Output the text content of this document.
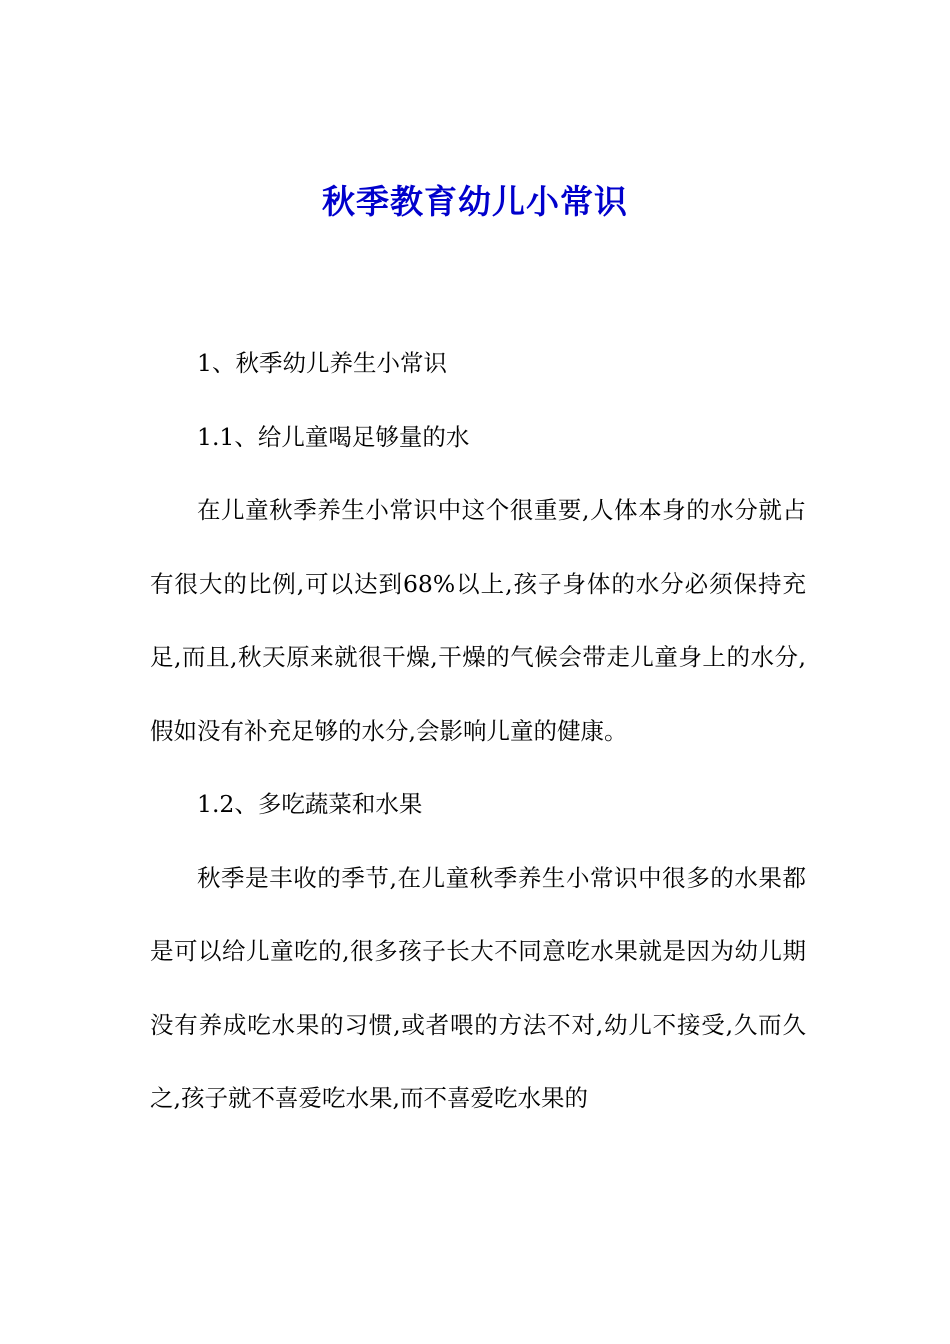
秋季教育幼儿小常识

1、秋季幼儿养生小常识

1.1、给儿童喝足够量的水

在儿童秋季养生小常识中这个很重要,人体本身的水分就占有很大的比例,可以达到68%以上,孩子身体的水分必须保持充足,而且,秋天原来就很干燥,干燥的气候会带走儿童身上的水分,假如没有补充足够的水分,会影响儿童的健康。

1.2、多吃蔬菜和水果

秋季是丰收的季节,在儿童秋季养生小常识中很多的水果都是可以给儿童吃的,很多孩子长大不同意吃水果就是因为幼儿期没有养成吃水果的习惯,或者喂的方法不对,幼儿不接受,久而久之,孩子就不喜爱吃水果,而不喜爱吃水果的
